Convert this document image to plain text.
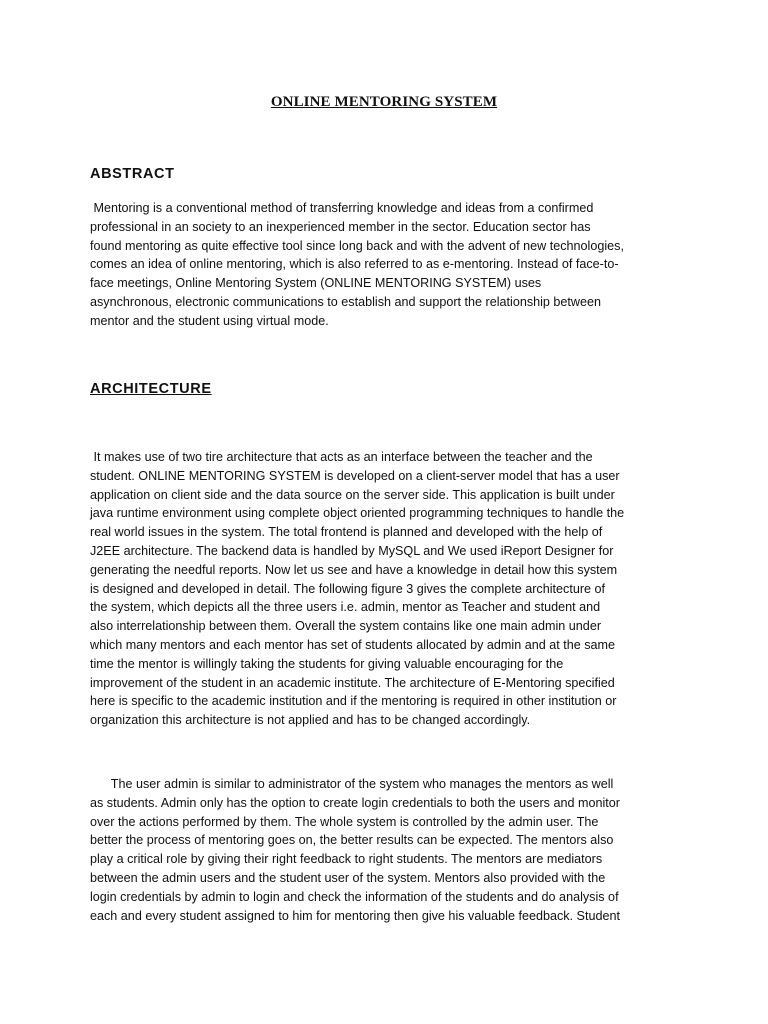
ONLINE MENTORING SYSTEM
ABSTRACT

Mentoring is a conventional method of transferring knowledge and ideas from a confirmed
professional in an society to an inexperienced member in the sector. Education sector has
found mentoring as quite effective tool since long back and with the advent of new technologies,
comes an idea of online mentoring, which is also referred to as e-mentoring. Instead of face-to-
face meetings, Online Mentoring System (ONLINE MENTORING SYSTEM) uses
asynchronous, electronic communications to establish and support the relationship between
mentor and the student using virtual mode.

ARCHITECTURE

It makes use of two tire architecture that acts as an interface between the teacher and the
student. ONLINE MENTORING SYSTEM is developed on a client-server model that has a user
application on client side and the data source on the server side. This application is built under
java runtime environment using complete object oriented programming techniques to handle the
real world issues in the system. The total frontend is planned and developed with the help of
J2EE architecture. The backend data is handled by MySQL and We used iReport Designer for
generating the needful reports. Now let us see and have a knowledge in detail how this system
is designed and developed in detail. The following figure 3 gives the complete architecture of
the system, which depicts all the three users i.e. admin, mentor as Teacher and student and
also interrelationship between them. Overall the system contains like one main admin under
which many mentors and each mentor has set of students allocated by admin and at the same
time the mentor is willingly taking the students for giving valuable encouraging for the
improvement of the student in an academic institute. The architecture of E-Mentoring specified
here is specific to the academic institution and if the mentoring is required in other institution or
organization this architecture is not applied and has to be changed accordingly.

The user admin is similar to administrator of the system who manages the mentors as well
as students. Admin only has the option to create login credentials to both the users and monitor
over the actions performed by them. The whole system is controlled by the admin user. The
better the process of mentoring goes on, the better results can be expected. The mentors also
play a critical role by giving their right feedback to right students. The mentors are mediators
between the admin users and the student user of the system. Mentors also provided with the
login credentials by admin to login and check the information of the students and do analysis of
each and every student assigned to him for mentoring then give his valuable feedback. Student
